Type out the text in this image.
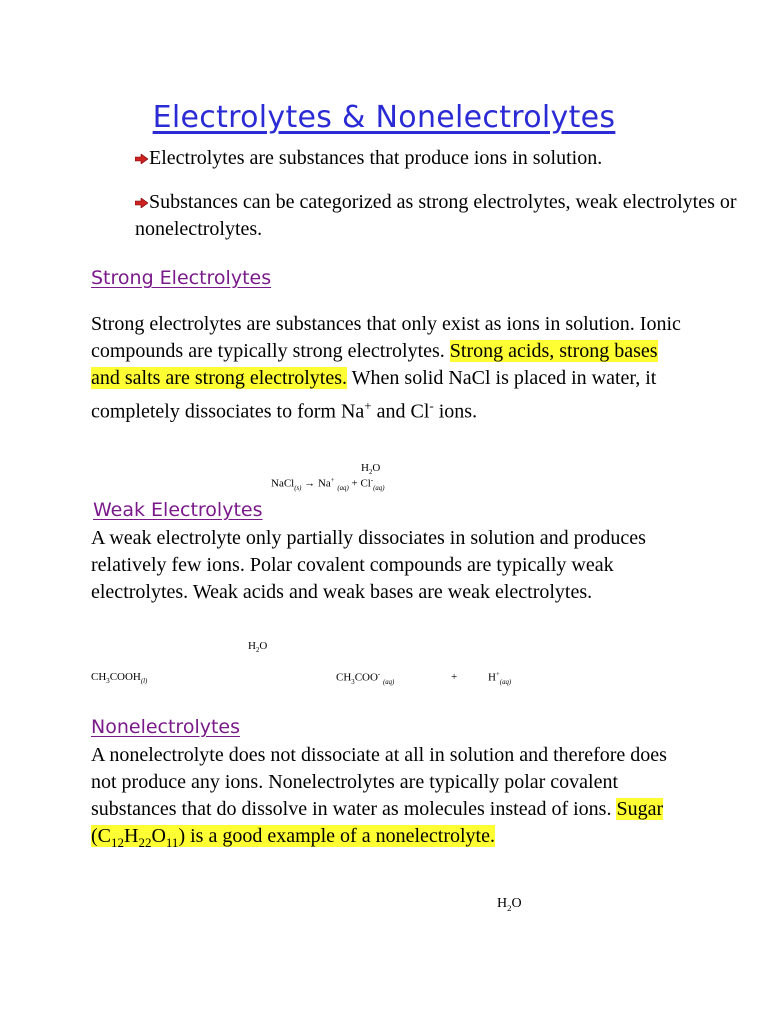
Electrolytes & Nonelectrolytes
Electrolytes are substances that produce ions in solution.
Substances can be categorized as strong electrolytes, weak electrolytes or nonelectrolytes.
Strong Electrolytes
Strong electrolytes are substances that only exist as ions in solution. Ionic compounds are typically strong electrolytes. Strong acids, strong bases and salts are strong electrolytes. When solid NaCl is placed in water, it completely dissociates to form Na+ and Cl- ions.
$H_2O$
NaCl$_{(s)}$ → Na+ $_{(aq)} + Cl^-_{(aq)}$
Weak Electrolytes
A weak electrolyte only partially dissociates in solution and produces relatively few ions. Polar covalent compounds are typically weak electrolytes. Weak acids and weak bases are weak electrolytes.
$H_2O$
$CH_3COOH_{(l)}$	$CH_3COO^-$ $_{(aq)}$	+	$H^+_{(aq)}$
Nonelectrolytes
A nonelectrolyte does not dissociate at all in solution and therefore does not produce any ions. Nonelectrolytes are typically polar covalent substances that do dissolve in water as molecules instead of ions. Sugar $(C_{12}H_{22}O_{11})$ is a good example of a nonelectrolyte.
$H_2O$
